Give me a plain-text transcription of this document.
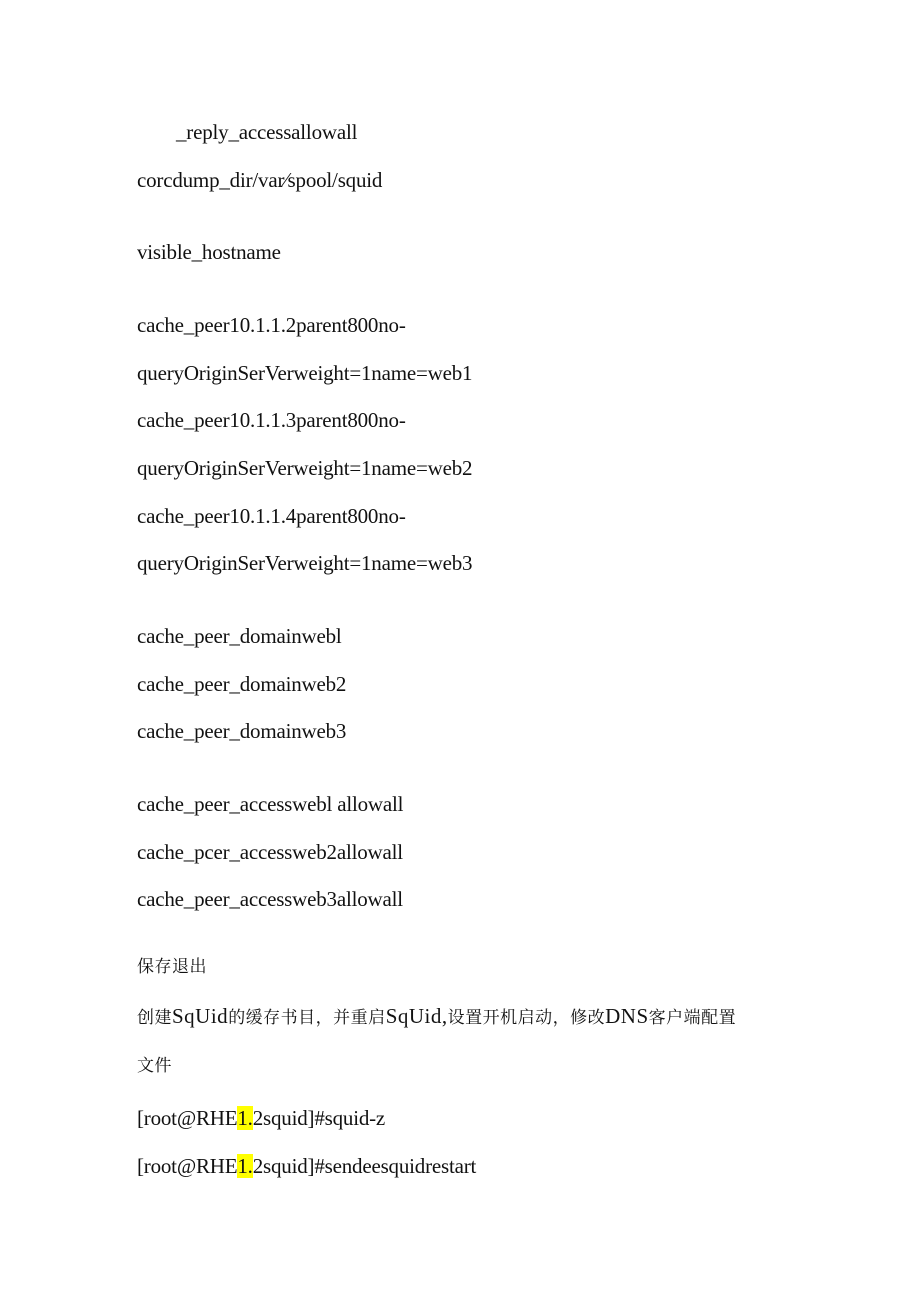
_reply_accessallowall
corcdump_dir/var⁄spool/squid
visible_hostname
cache_peer10.1.1.2parent800no-
queryOriginSerVerweight=1name=web1
cache_peer10.1.1.3parent800no-
queryOriginSerVerweight=1name=web2
cache_peer10.1.1.4parent800no-
queryOriginSerVerweight=1name=web3
cache_peer_domainwebl
cache_peer_domainweb2
cache_peer_domainweb3
cache_peer_accesswebl allowall
cache_pcer_accessweb2allowall
cache_peer_accessweb3allowall
保存退出
创建SqUid的缓存书目，并重启SqUid,设置开机启动，修改DNS客户端配置
文件
[root@RHE1.2squid]#squid-z
[root@RHE1.2squid]#sendeesquidrestart
